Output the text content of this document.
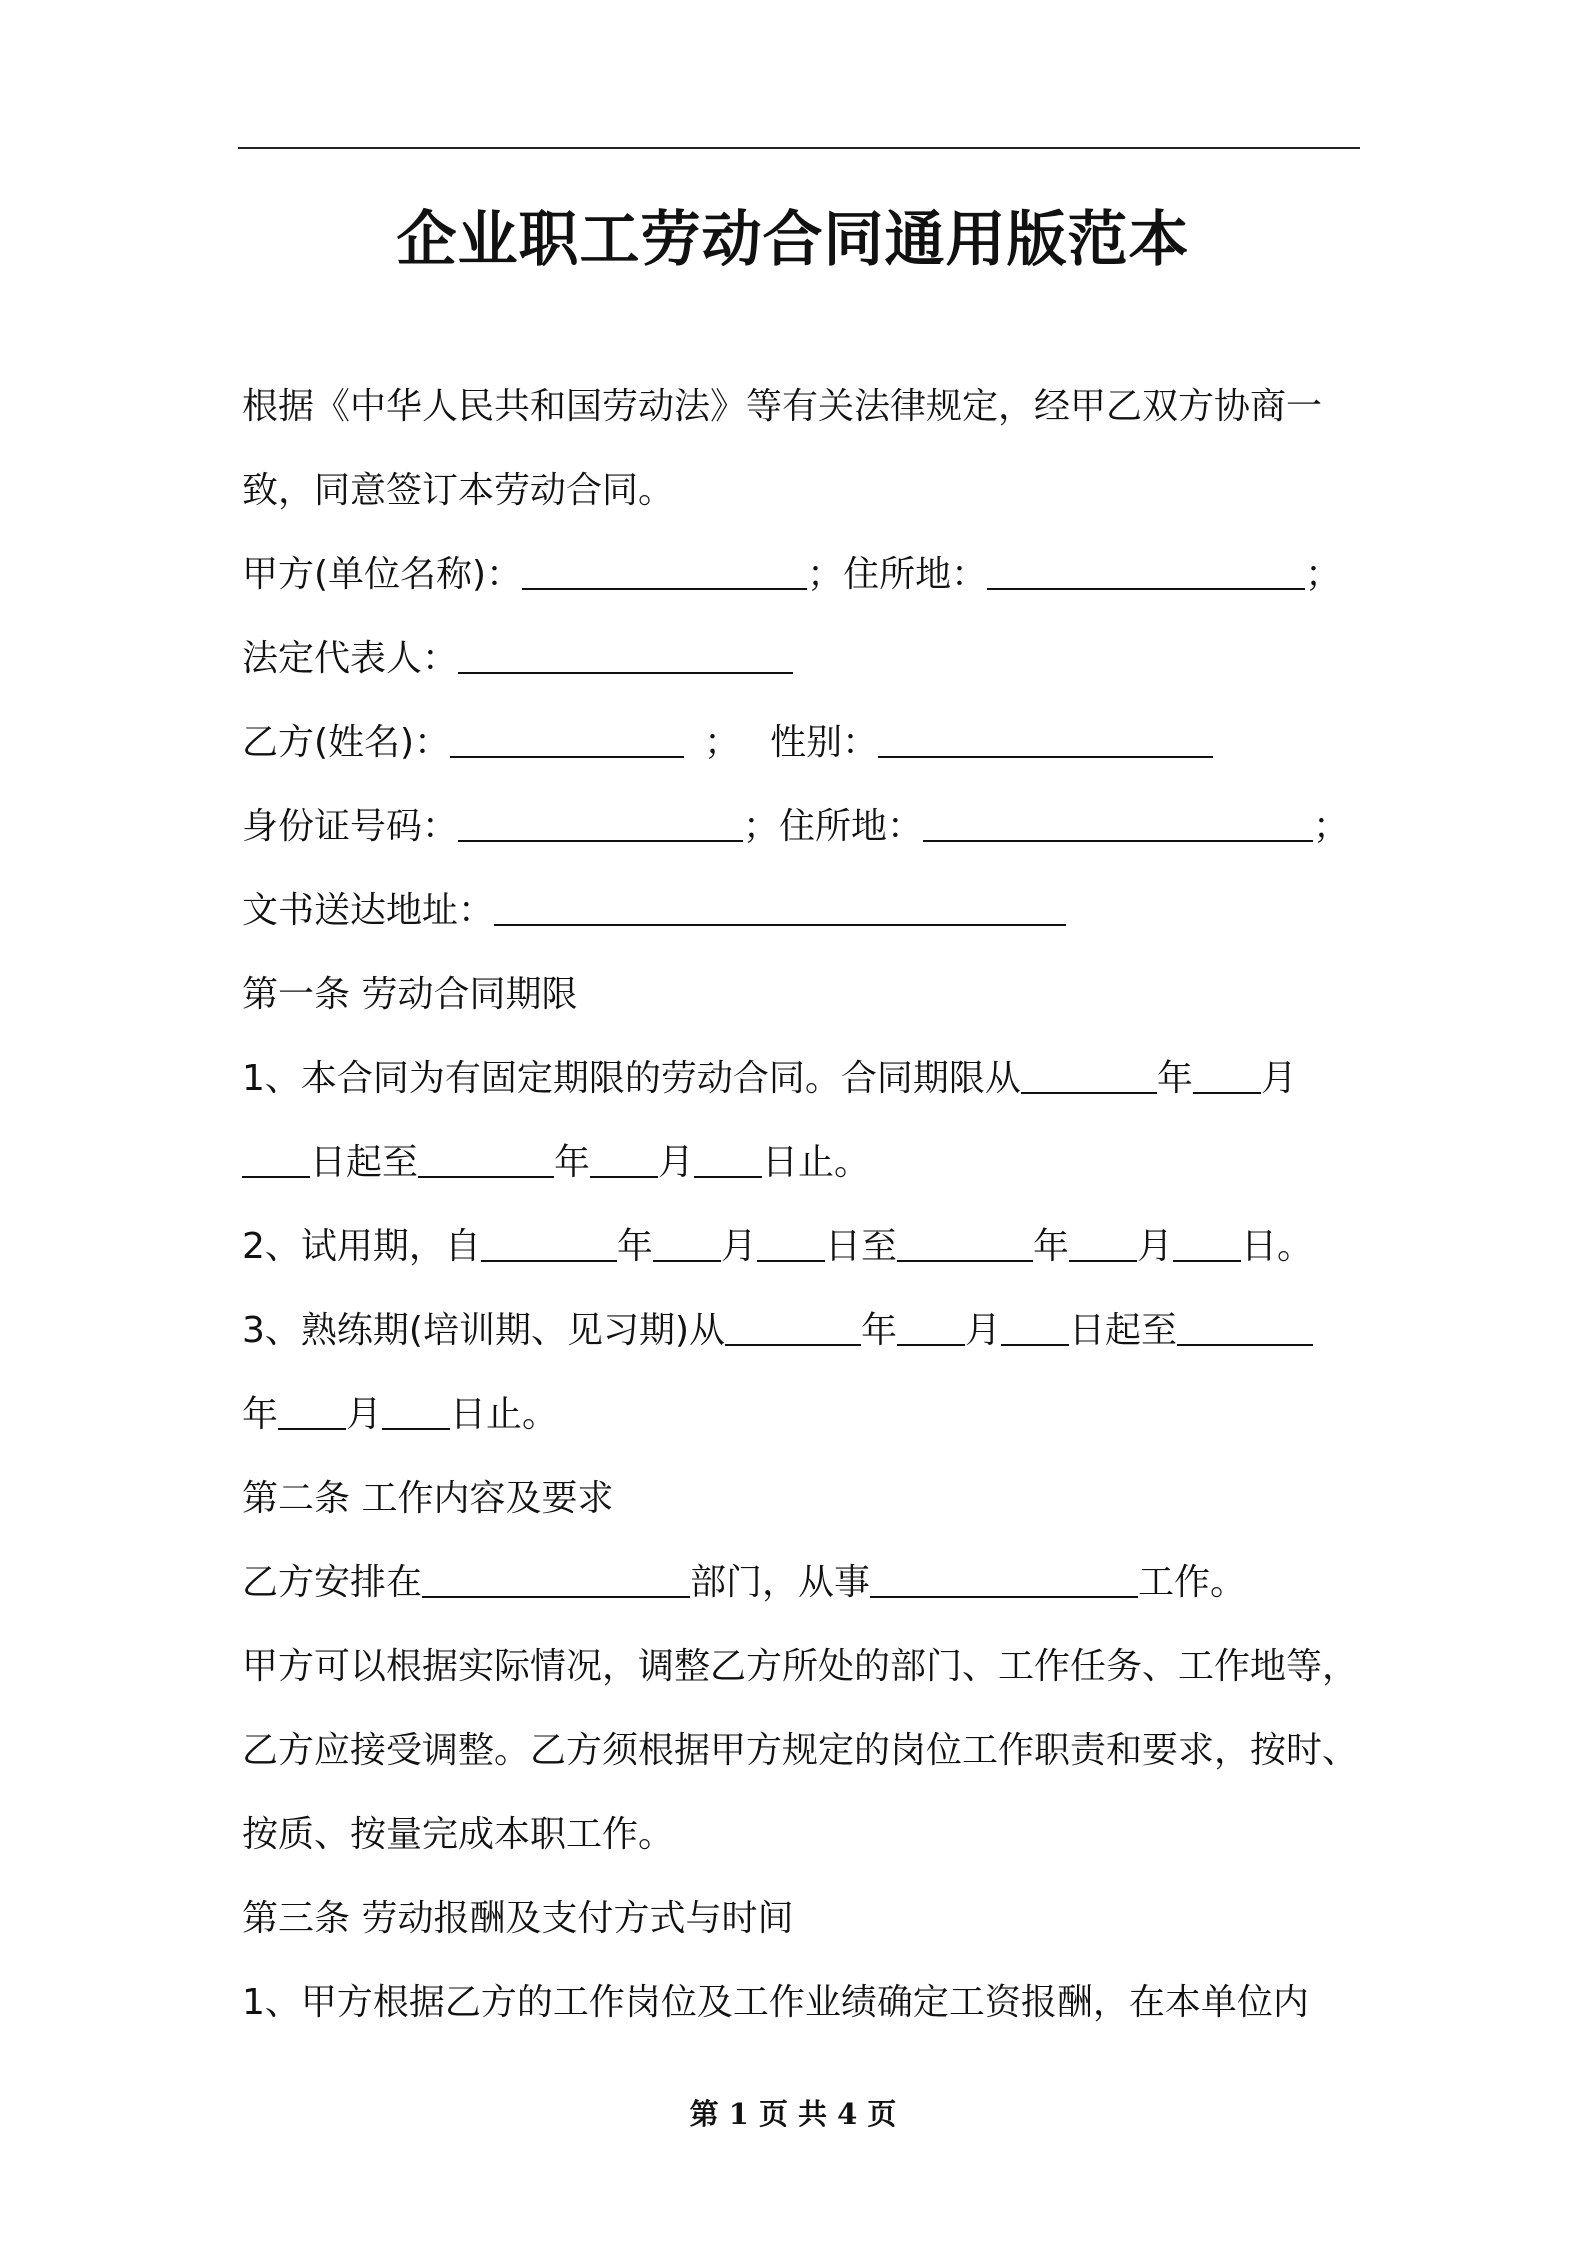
企业职工劳动合同通用版范本
根据《中华人民共和国劳动法》等有关法律规定，经甲乙双方协商一
致，同意签订本劳动合同。
甲方(单位名称)：	；住所地：	；
法定代表人：
乙方(姓名)：	； 性别：
身份证号码：	；住所地：	；
文书送达地址：
第一条 劳动合同期限
1、本合同为有固定期限的劳动合同。合同期限从	年 月
日起至	年 月 日止。
2、试用期，自	年 月 日至	年 月 日。
3、熟练期(培训期、见习期)从	年 月 日起至
年 月 日止。
第二条 工作内容及要求
乙方安排在	部门，从事	工作。
甲方可以根据实际情况，调整乙方所处的部门、工作任务、工作地等，
乙方应接受调整。乙方须根据甲方规定的岗位工作职责和要求，按时、
按质、按量完成本职工作。
第三条 劳动报酬及支付方式与时间
1、甲方根据乙方的工作岗位及工作业绩确定工资报酬，在本单位内
第 1 页 共 4 页
